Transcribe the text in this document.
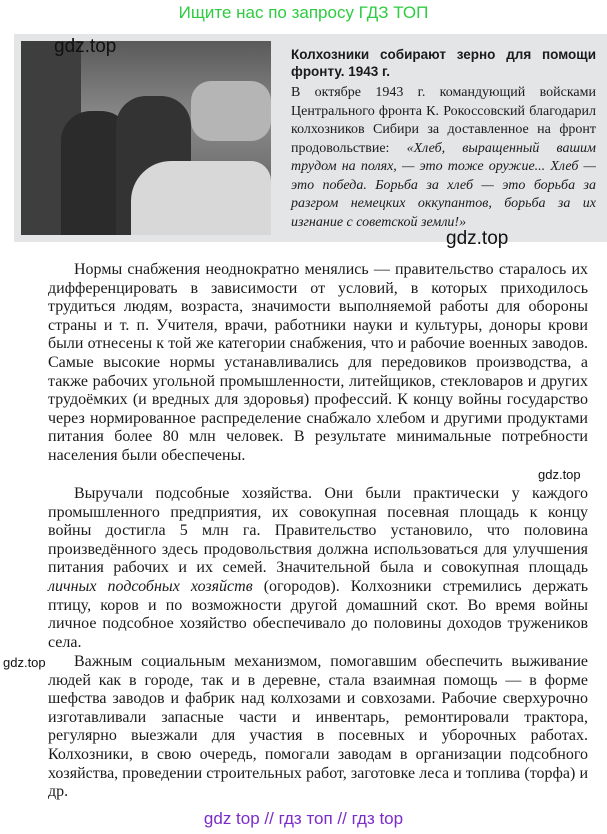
Ищите нас по запросу ГДЗ ТОП
gdz.top	Колхозники собирают зерно для помощи фронту. 1943 г.

В октябре 1943 г. командующий войсками Центрального фронта К. Рокоссовский благодарил колхозников Сибири за доставленное на фронт продовольствие: «Хлеб, выращенный вашим трудом на полях, — это тоже оружие... Хлеб — это победа. Борьба за хлеб — это борьба за разгром немецких оккупантов, борьба за их изгнание с советской земли!»

gdz.top

Нормы снабжения неоднократно менялись — правительство старалось их дифференцировать в зависимости от условий, в которых приходилось трудиться людям, возраста, значимости выполняемой работы для обороны страны и т. п. Учителя, врачи, работники науки и культуры, доноры крови были отнесены к той же категории снабжения, что и рабочие военных заводов. Самые высокие нормы устанавливались для передовиков производства, а также рабочих угольной промышленности, литейщиков, стекловаров и других трудоёмких (и вредных для здоровья) профессий. К концу войны государство через нормированное распределение снабжало хлебом и другими продуктами питания более 80 млн человек. В результате минимальные потребности населения были обеспечены.

gdz.top

Выручали подсобные хозяйства. Они были практически у каждого промышленного предприятия, их совокупная посевная площадь к концу войны достигла 5 млн га. Правительство установило, что половина произведённого здесь продовольствия должна использоваться для улучшения питания рабочих и их семей. Значительной была и совокупная площадь личных подсобных хозяйств (огородов). Колхозники стремились держать птицу, коров и по возможности другой домашний скот. Во время войны личное подсобное хозяйство обеспечивало до половины доходов тружеников села.

gdz.top	Важным социальным механизмом, помогавшим обеспечить выживание людей как в городе, так и в деревне, стала взаимная помощь — в форме шефства заводов и фабрик над колхозами и совхозами. Рабочие сверхурочно изготавливали запасные части и инвентарь, ремонтировали трактора, регулярно выезжали для участия в посевных и уборочных работах. Колхозники, в свою очередь, помогали заводам в организации подсобного хозяйства, проведении строительных работ, заготовке леса и топлива (торфа) и др.

gdz top // гдз топ // гдз top
